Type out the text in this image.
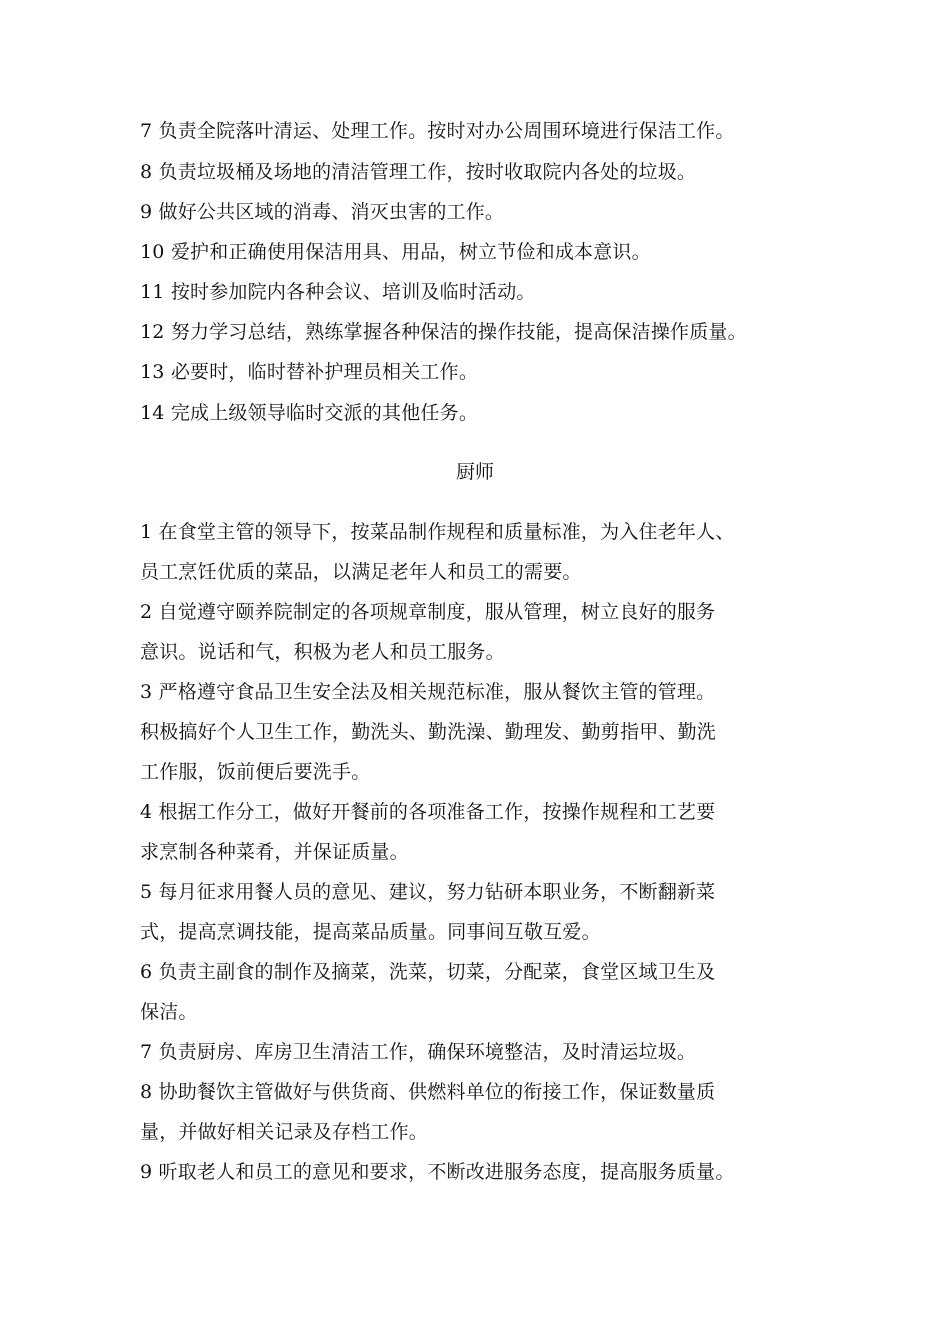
7 负责全院落叶清运、处理工作。按时对办公周围环境进行保洁工作。
8 负责垃圾桶及场地的清洁管理工作，按时收取院内各处的垃圾。
9 做好公共区域的消毒、消灭虫害的工作。
10 爱护和正确使用保洁用具、用品，树立节俭和成本意识。
11 按时参加院内各种会议、培训及临时活动。
12 努力学习总结，熟练掌握各种保洁的操作技能，提高保洁操作质量。
13 必要时，临时替补护理员相关工作。
14 完成上级领导临时交派的其他任务。
厨师
1 在食堂主管的领导下，按菜品制作规程和质量标准，为入住老年人、
员工烹饪优质的菜品，以满足老年人和员工的需要。
2 自觉遵守颐养院制定的各项规章制度，服从管理，树立良好的服务
意识。说话和气，积极为老人和员工服务。
3 严格遵守食品卫生安全法及相关规范标准，服从餐饮主管的管理。
积极搞好个人卫生工作，勤洗头、勤洗澡、勤理发、勤剪指甲、勤洗
工作服，饭前便后要洗手。
4 根据工作分工，做好开餐前的各项准备工作，按操作规程和工艺要
求烹制各种菜肴，并保证质量。
5 每月征求用餐人员的意见、建议，努力钻研本职业务，不断翻新菜
式，提高烹调技能，提高菜品质量。同事间互敬互爱。
6 负责主副食的制作及摘菜，洗菜，切菜，分配菜，食堂区域卫生及
保洁。
7 负责厨房、库房卫生清洁工作，确保环境整洁，及时清运垃圾。
8 协助餐饮主管做好与供货商、供燃料单位的衔接工作，保证数量质
量，并做好相关记录及存档工作。
9 听取老人和员工的意见和要求，不断改进服务态度，提高服务质量。
